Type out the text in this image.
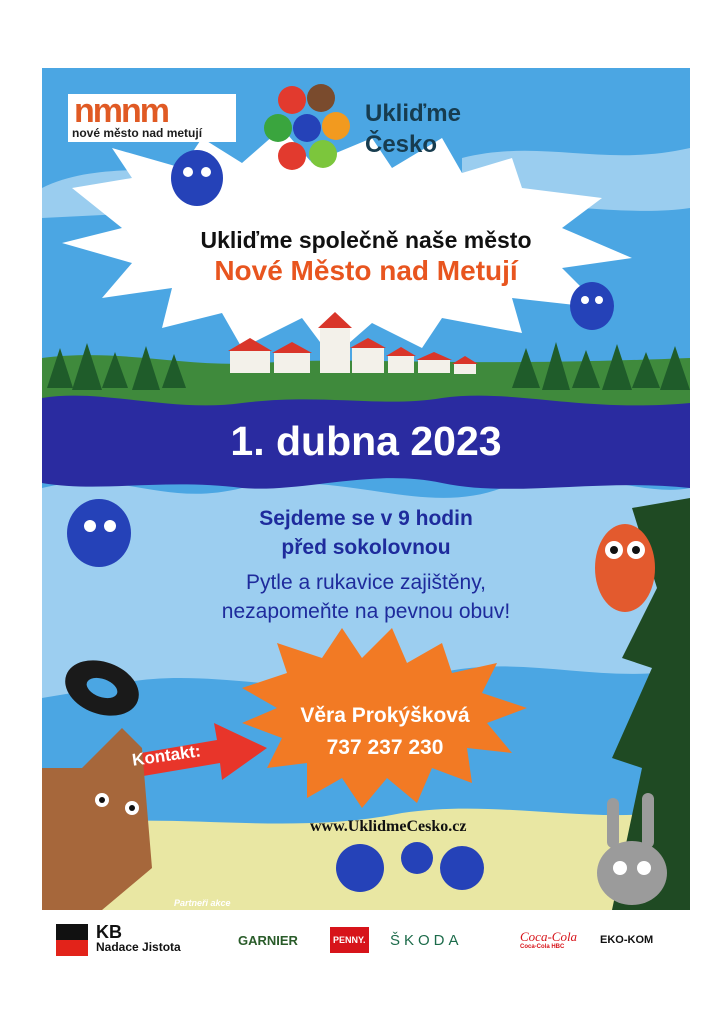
nmnm
nové město nad metují
Ukliďme
Česko
Ukliďme společně naše město
Nové Město nad Metují
1. dubna 2023
Sejdeme se v 9 hodin
před sokolovnou
Pytle a rukavice zajištěny,
nezapomeňte na pevnou obuv!
Kontakt:
Věra Prokýšková
737 237 230
www.UklidmeCesko.cz
Partneři akce
KB
Nadace Jistota	GARNIER	PENNY. ŠKODA	Coca-Cola
Coca-Cola HBC
EKO-KOM
